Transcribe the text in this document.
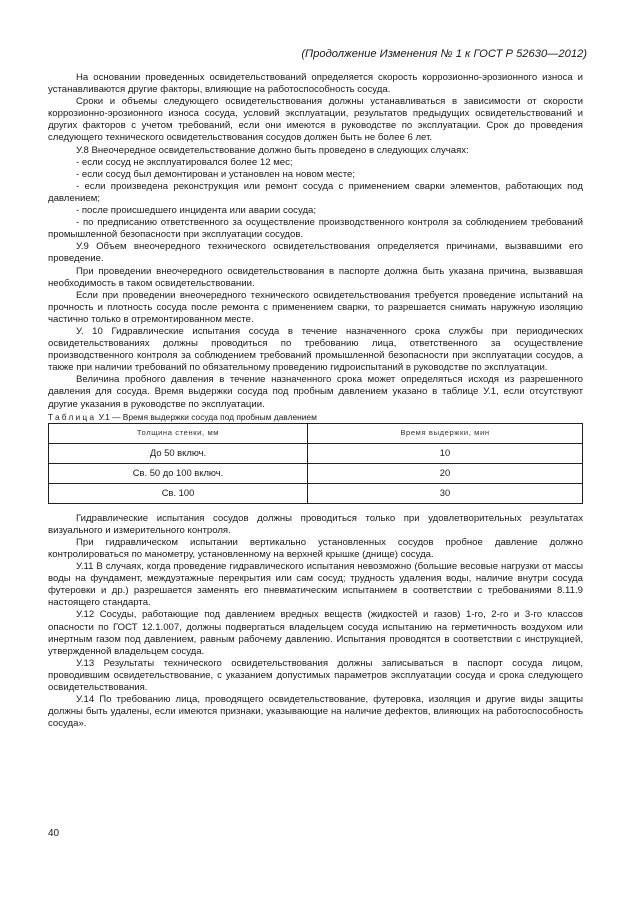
(Продолжение Изменения № 1 к ГОСТ Р 52630—2012)

На основании проведенных освидетельствований определяется скорость коррозионно-эрозионного износа и устанавливаются другие факторы, влияющие на работоспособность сосуда.

Сроки и объемы следующего освидетельствования должны устанавливаться в зависимости от скорости коррозионно-эрозионного износа сосуда, условий эксплуатации, результатов предыдущих освидетельствований и других факторов с учетом требований, если они имеются в руководстве по эксплуатации. Срок до проведения следующего технического освидетельствования сосудов должен быть не более 6 лет.

У.8 Внеочередное освидетельствование должно быть проведено в следующих случаях:

- если сосуд не эксплуатировался более 12 мес;

- если сосуд был демонтирован и установлен на новом месте;

- если произведена реконструкция или ремонт сосуда с применением сварки элементов, работающих под давлением;

- после происшедшего инцидента или аварии сосуда;

- по предписанию ответственного за осуществление производственного контроля за соблюдением требований промышленной безопасности при эксплуатации сосудов.

У.9 Объем внеочередного технического освидетельствования определяется причинами, вызвавшими его проведение.

При проведении внеочередного освидетельствования в паспорте должна быть указана причина, вызвавшая необходимость в таком освидетельствовании.

Если при проведении внеочередного технического освидетельствования требуется проведение испытаний на прочность и плотность сосуда после ремонта с применением сварки, то разрешается снимать наружную изоляцию частично только в отремонтированном месте.

У. 10 Гидравлические испытания сосуда в течение назначенного срока службы при периодических освидетельствованиях должны проводиться по требованию лица, ответственного за осуществление производственного контроля за соблюдением требований промышленной безопасности при эксплуатации сосудов, а также при наличии требований по обязательному проведению гидроиспытаний в руководстве по эксплуатации.

Величина пробного давления в течение назначенного срока может определяться исходя из разрешенного давления для сосуда. Время выдержки сосуда под пробным давлением указано в таблице У.1, если отсутствуют другие указания в руководстве по эксплуатации.

Таблица У.1 — Время выдержки сосуда под пробным давлением

Толщина стенки, мм	Время выдержки, мин
До 50 включ.	10
Св. 50 до 100 включ.	20
Св. 100	30

Гидравлические испытания сосудов должны проводиться только при удовлетворительных результатах визуального и измерительного контроля.

При гидравлическом испытании вертикально установленных сосудов пробное давление должно контролироваться по манометру, установленному на верхней крышке (днище) сосуда.

У.11 В случаях, когда проведение гидравлического испытания невозможно (большие весовые нагрузки от массы воды на фундамент, междуэтажные перекрытия или сам сосуд; трудность удаления воды, наличие внутри сосуда футеровки и др.) разрешается заменять его пневматическим испытанием в соответствии с требованиями 8.11.9 настоящего стандарта.

У.12 Сосуды, работающие под давлением вредных веществ (жидкостей и газов) 1-го, 2-го и 3-го классов опасности по ГОСТ 12.1.007, должны подвергаться владельцем сосуда испытанию на герметичность воздухом или инертным газом под давлением, равным рабочему давлению. Испытания проводятся в соответствии с инструкцией, утвержденной владельцем сосуда.

У.13 Результаты технического освидетельствования должны записываться в паспорт сосуда лицом, проводившим освидетельствование, с указанием допустимых параметров эксплуатации сосуда и срока следующего освидетельствования.

У.14 По требованию лица, проводящего освидетельствование, футеровка, изоляция и другие виды защиты должны быть удалены, если имеются признаки, указывающие на наличие дефектов, влияющих на работоспособность сосуда».

40
